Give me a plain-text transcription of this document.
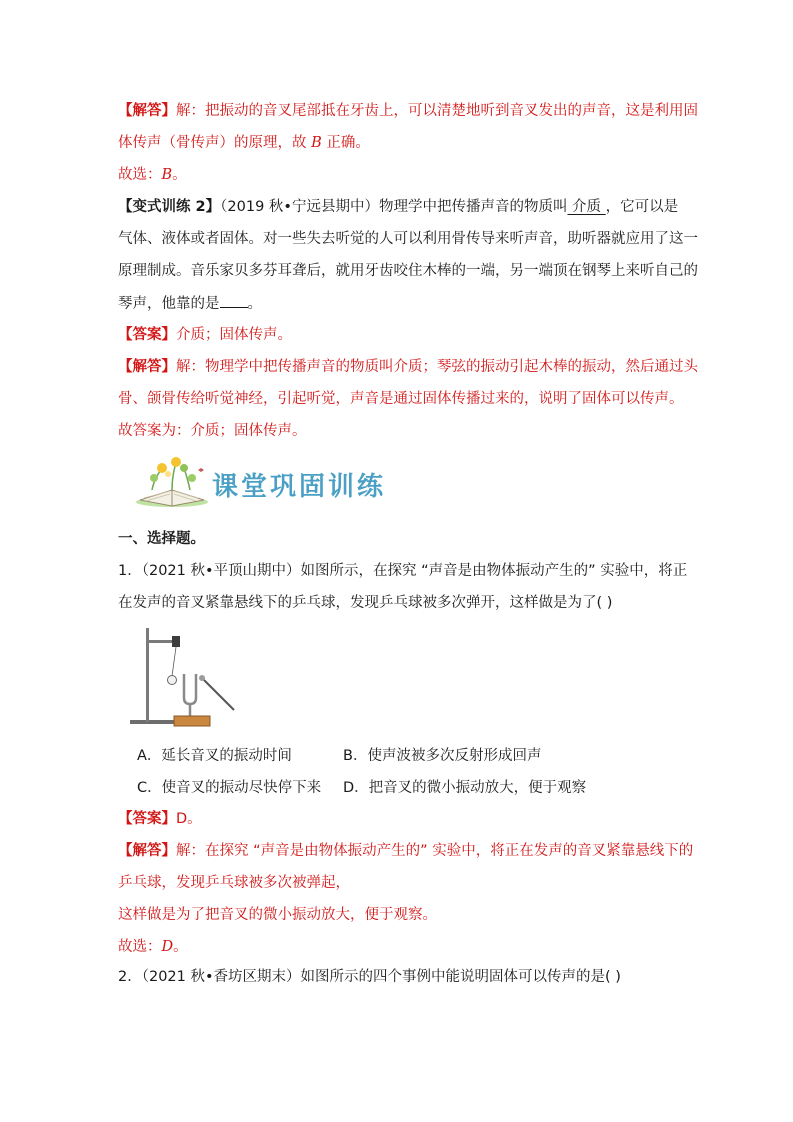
【解答】解：把振动的音叉尾部抵在牙齿上，可以清楚地听到音叉发出的声音，这是利用固
体传声（骨传声）的原理，故 B 正确。
故选：B。
【变式训练 2】（2019 秋•宁远县期中）物理学中把传播声音的物质叫 介质 ，它可以是
气体、液体或者固体。对一些失去听觉的人可以利用骨传导来听声音，助听器就应用了这一
原理制成。音乐家贝多芬耳聋后，就用牙齿咬住木棒的一端，另一端顶在钢琴上来听自己的
琴声，他靠的是 。
【答案】介质；固体传声。
【解答】解：物理学中把传播声音的物质叫介质；琴弦的振动引起木棒的振动，然后通过头
骨、颌骨传给听觉神经，引起听觉，声音是通过固体传播过来的，说明了固体可以传声。
故答案为：介质；固体传声。
课堂巩固训练
一、选择题。
1．（2021 秋•平顶山期中）如图所示，在探究 “声音是由物体振动产生的” 实验中，将正
在发声的音叉紧靠悬线下的乒乓球，发现乒乓球被多次弹开，这样做是为了( )
A．延长音叉的振动时间	B．使声波被多次反射形成回声
C．使音叉的振动尽快停下来 D．把音叉的微小振动放大，便于观察
【答案】D。
【解答】解：在探究 “声音是由物体振动产生的” 实验中，将正在发声的音叉紧靠悬线下的
乒乓球，发现乒乓球被多次被弹起，
这样做是为了把音叉的微小振动放大，便于观察。
故选：D。
2．（2021 秋•香坊区期末）如图所示的四个事例中能说明固体可以传声的是( )
